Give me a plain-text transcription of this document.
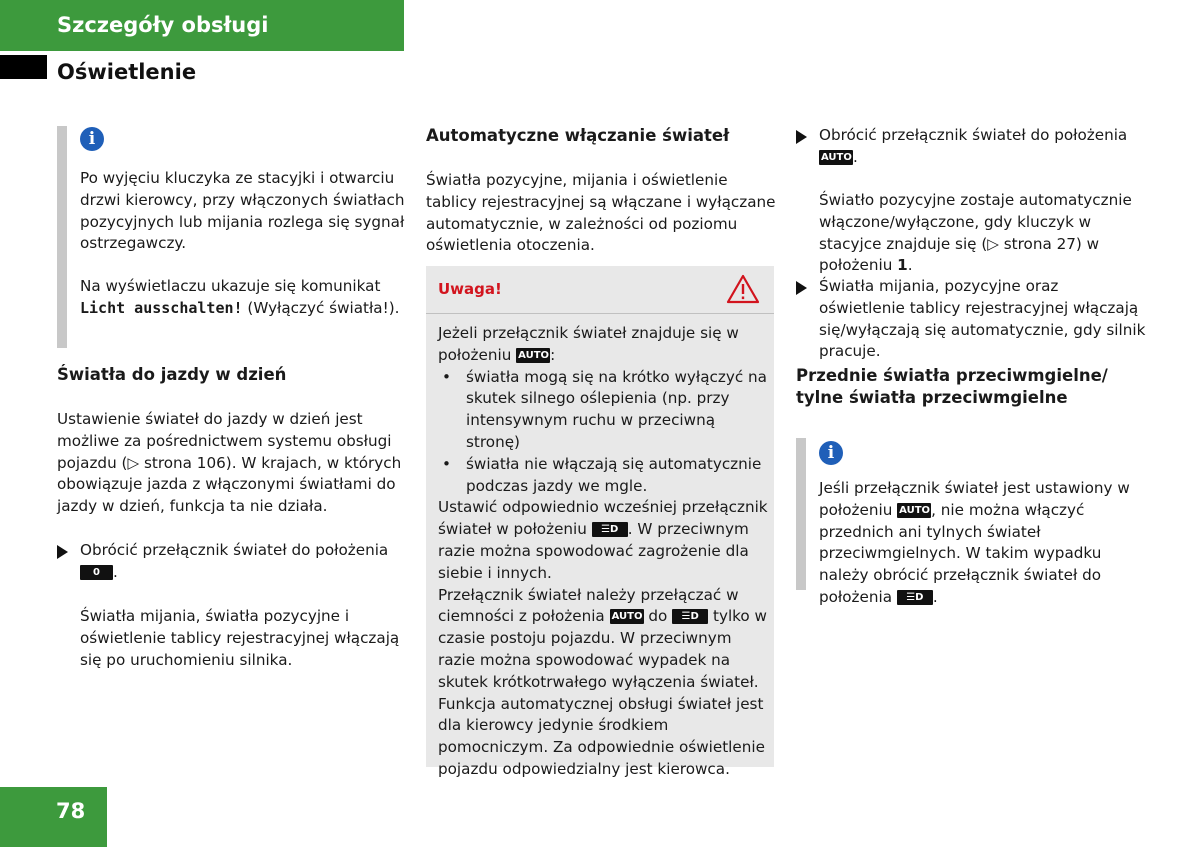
Szczegóły obsługi
Oświetlenie
i

Po wyjęciu kluczyka ze stacyjki i otwarciu drzwi kierowcy, przy włączonych światłach pozycyjnych lub mijania rozlega się sygnał ostrzegawczy.

Na wyświetlaczu ukazuje się komunikat
Licht ausschalten! (Wyłączyć światła!).

Światła do jazdy w dzień

Ustawienie świateł do jazdy w dzień jest możliwe za pośrednictwem systemu obsługi pojazdu (▷ strona 106). W krajach, w których obowiązuje jazda z włączonymi światłami do jazdy w dzień, funkcja ta nie działa.

Obrócić przełącznik świateł do położenia
0 .

Światła mijania, światła pozycyjne i oświetlenie tablicy rejestracyjnej włączają się po uruchomieniu silnika.

Automatyczne włączanie świateł

Światła pozycyjne, mijania i oświetlenie tablicy rejestracyjnej są włączane i wyłączane automatycznie, w zależności od poziomu oświetlenia otoczenia.

Uwaga!

Jeżeli przełącznik świateł znajduje się w położeniu AUTO:

• światła mogą się na krótko wyłączyć na skutek silnego oślepienia (np. przy intensywnym ruchu w przeciwną stronę)
• światła nie włączają się automatycznie podczas jazdy we mgle.

Ustawić odpowiednio wcześniej przełącznik świateł w położeniu ☰D . W przeciwnym razie można spowodować zagrożenie dla siebie i innych.

Przełącznik świateł należy przełączać w ciemności z położenia AUTO do ☰D tylko w czasie postoju pojazdu. W przeciwnym razie można spowodować wypadek na skutek krótkotrwałego wyłączenia świateł.

Funkcja automatycznej obsługi świateł jest dla kierowcy jedynie środkiem pomocniczym. Za odpowiednie oświetlenie pojazdu odpowiedzialny jest kierowca.

Obrócić przełącznik świateł do położenia
AUTO.

Światło pozycyjne zostaje automatycznie włączone/wyłączone, gdy kluczyk w stacyjce znajduje się (▷ strona 27) w położeniu 1.

Światła mijania, pozycyjne oraz oświetlenie tablicy rejestracyjnej włączają się/wyłączają się automatycznie, gdy silnik pracuje.
Przednie światła przeciwmgielne/
tylne światła przeciwmgielne
i
Jeśli przełącznik świateł jest ustawiony w położeniu AUTO, nie można włączyć przednich ani tylnych świateł przeciwmgielnych. W takim wypadku należy obrócić przełącznik świateł do położenia ☰D .
78
